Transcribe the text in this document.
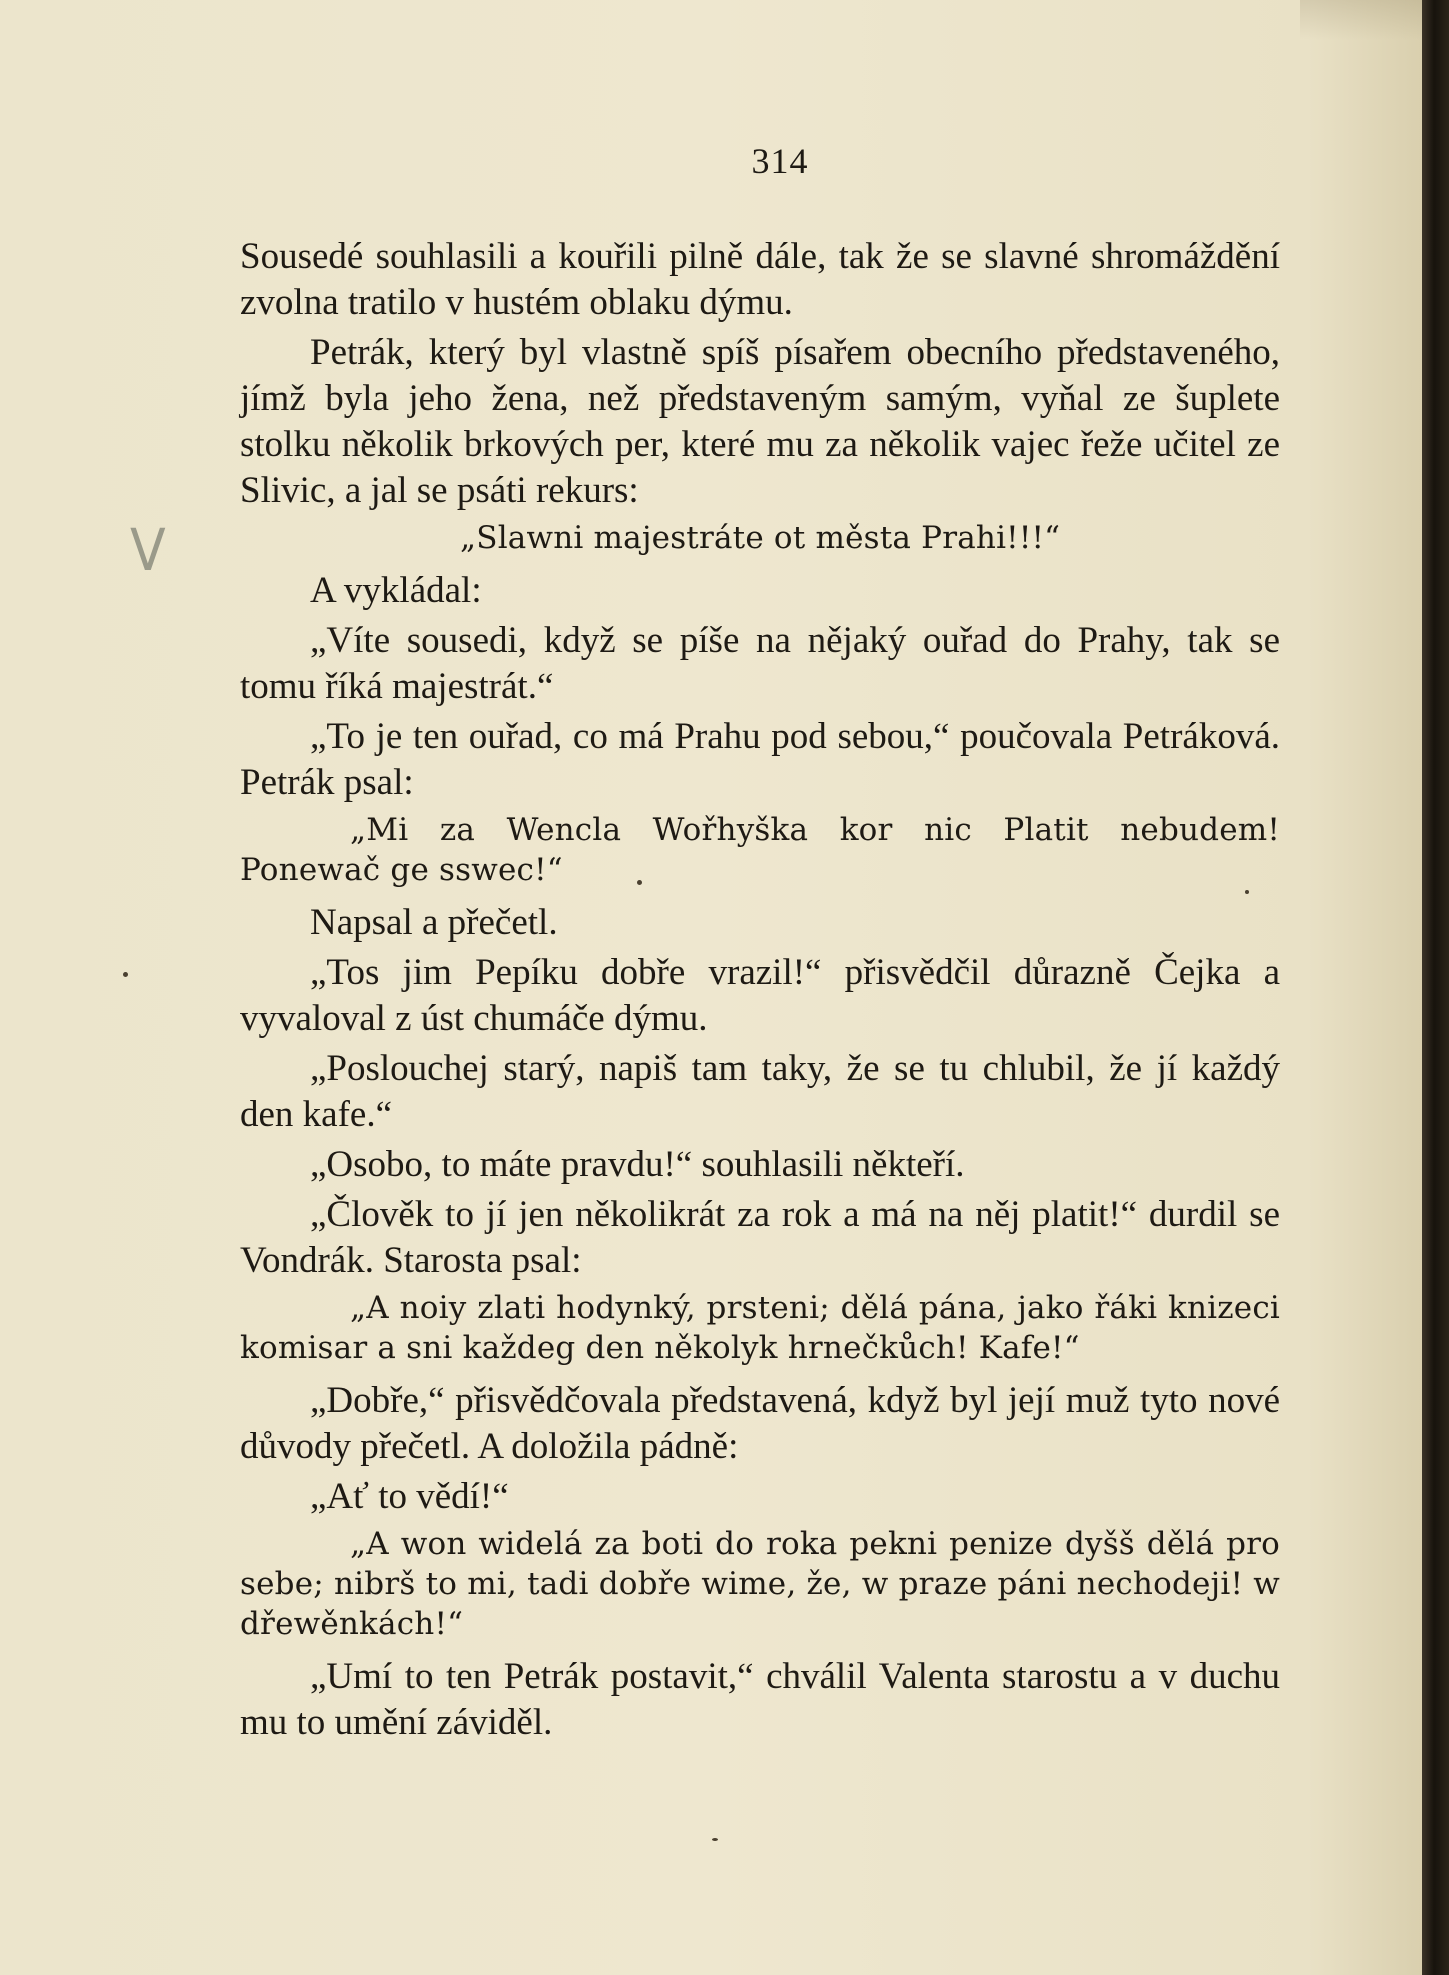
V
314

Sousedé souhlasili a kouřili pilně dále, tak že se slavné shromáždění zvolna tratilo v hustém oblaku dýmu.

Petrák, který byl vlastně spíš písařem obecního představeného, jímž byla jeho žena, než představeným samým, vyňal ze šuplete stolku několik brkových per, které mu za několik vajec řeže učitel ze Slivic, a jal se psáti rekurs:

„Slawni majestráte ot města Prahi!!!“

A vykládal:

„Víte sousedi, když se píše na nějaký ouřad do Prahy, tak se tomu říká majestrát.“

„To je ten ouřad, co má Prahu pod sebou,“ poučovala Petráková. Petrák psal:

„Mi za Wencla Wořhyška kor nic Platit nebudem! Ponewač ge sswec!“

Napsal a přečetl.

„Tos jim Pepíku dobře vrazil!“ přisvědčil důrazně Čejka a vyvaloval z úst chumáče dýmu.

„Poslouchej starý, napiš tam taky, že se tu chlubil, že jí každý den kafe.“

„Osobo, to máte pravdu!“ souhlasili někteří.

„Člověk to jí jen několikrát za rok a má na něj platit!“ durdil se Vondrák. Starosta psal:

„A noiy zlati hodynký, prsteni; dělá pána, jako řáki knizeci komisar a sni každeg den několyk hrnečkůch! Kafe!“

„Dobře,“ přisvědčovala představená, když byl její muž tyto nové důvody přečetl. A doložila pádně:

„Ať to vědí!“

„A won widelá za boti do roka pekni penize dyšš dělá pro sebe; nibrš to mi, tadi dobře wime, že, w praze páni nechodeji! w dřewěnkách!“

„Umí to ten Petrák postavit,“ chválil Valenta starostu a v duchu mu to umění záviděl.
